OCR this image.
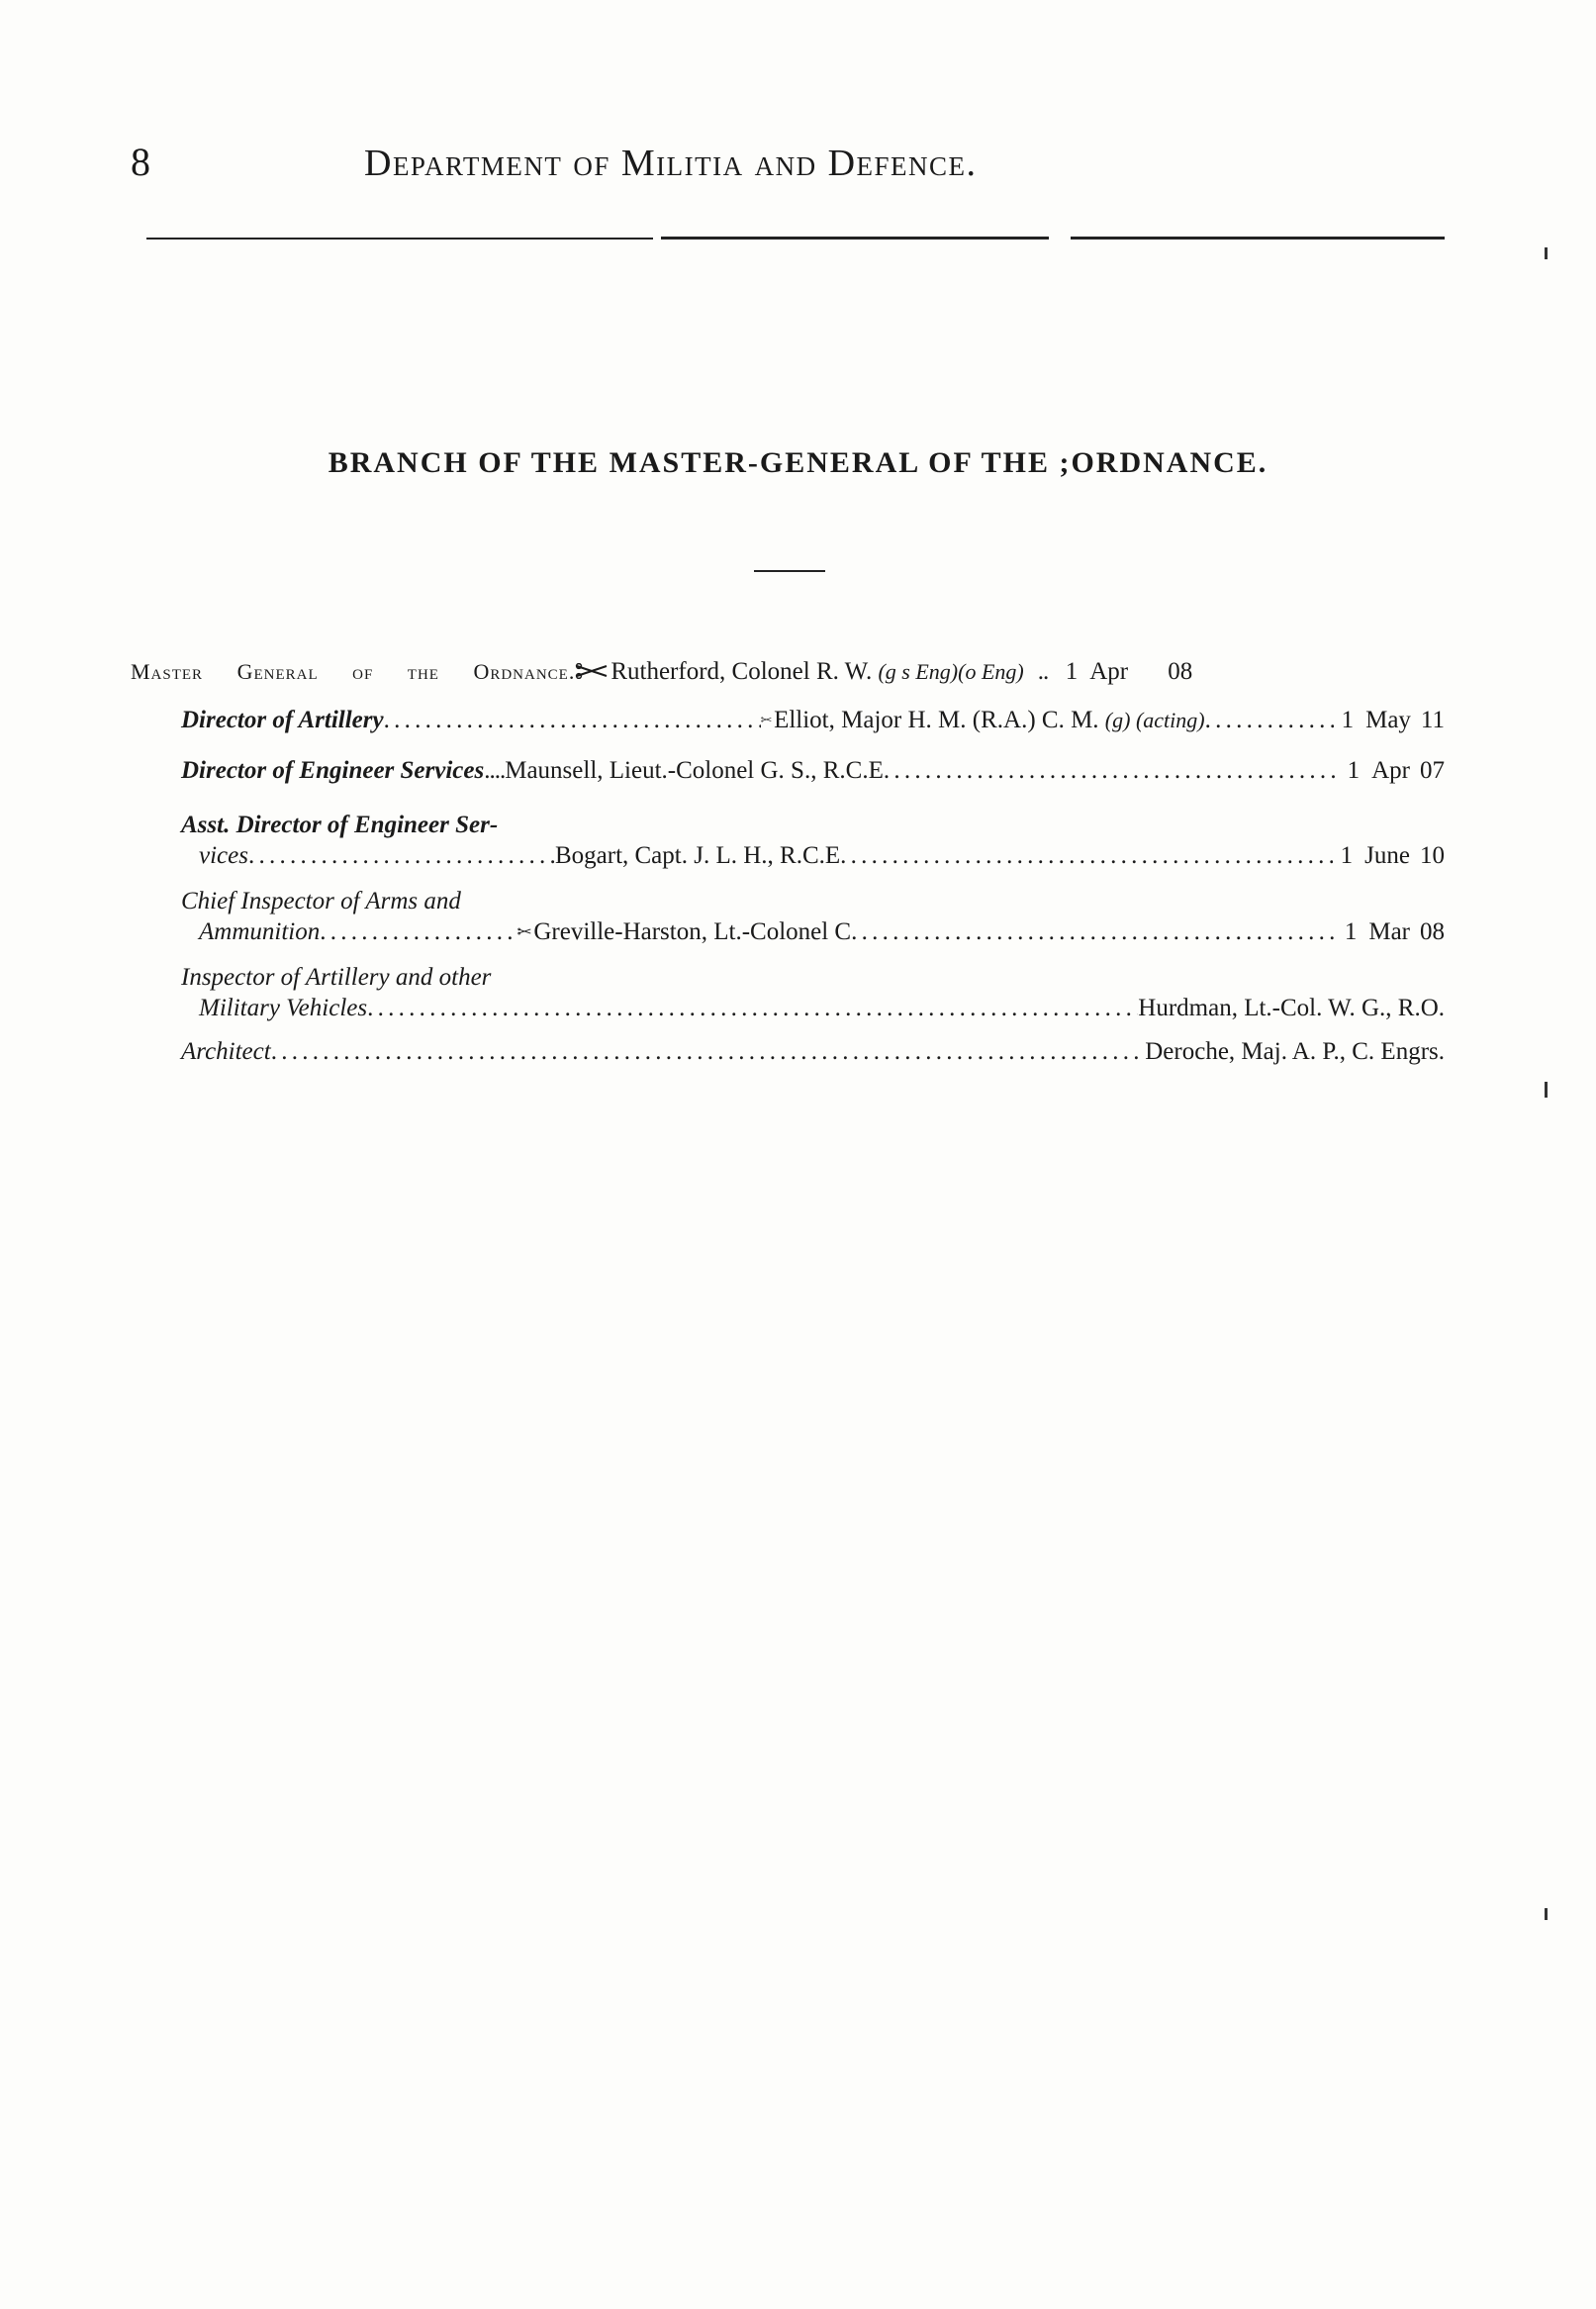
8	Department of Militia and Defence.
BRANCH OF THE MASTER-GENERAL OF THE ;ORDNANCE.
Master General of the Ordnance. Rutherford, Colonel R. W. (g s Eng)(o Eng) .. 1 Apr	08
Director of Artillery . . .	Elliot, Major H. M. (R.A.) C. M. (g) (acting) . . .	1 May 11
Director of Engineer Services .... Maunsell, Lieut.-Colonel G. S., R.C.E . . .	1 Apr 07
Asst. Director of Engineer Ser-
vices . . .	Bogart, Capt. J. L. H., R.C.E . . .	1 June 10
Chief Inspector of Arms and
Ammunition . . .	Greville-Harston, Lt.-Colonel C . . .	1 Mar 08
Inspector of Artillery and other
Military Vehicles . . .	Hurdman, Lt.-Col. W. G., R.O.
Architect . . .	Deroche, Maj. A. P., C. Engrs.
